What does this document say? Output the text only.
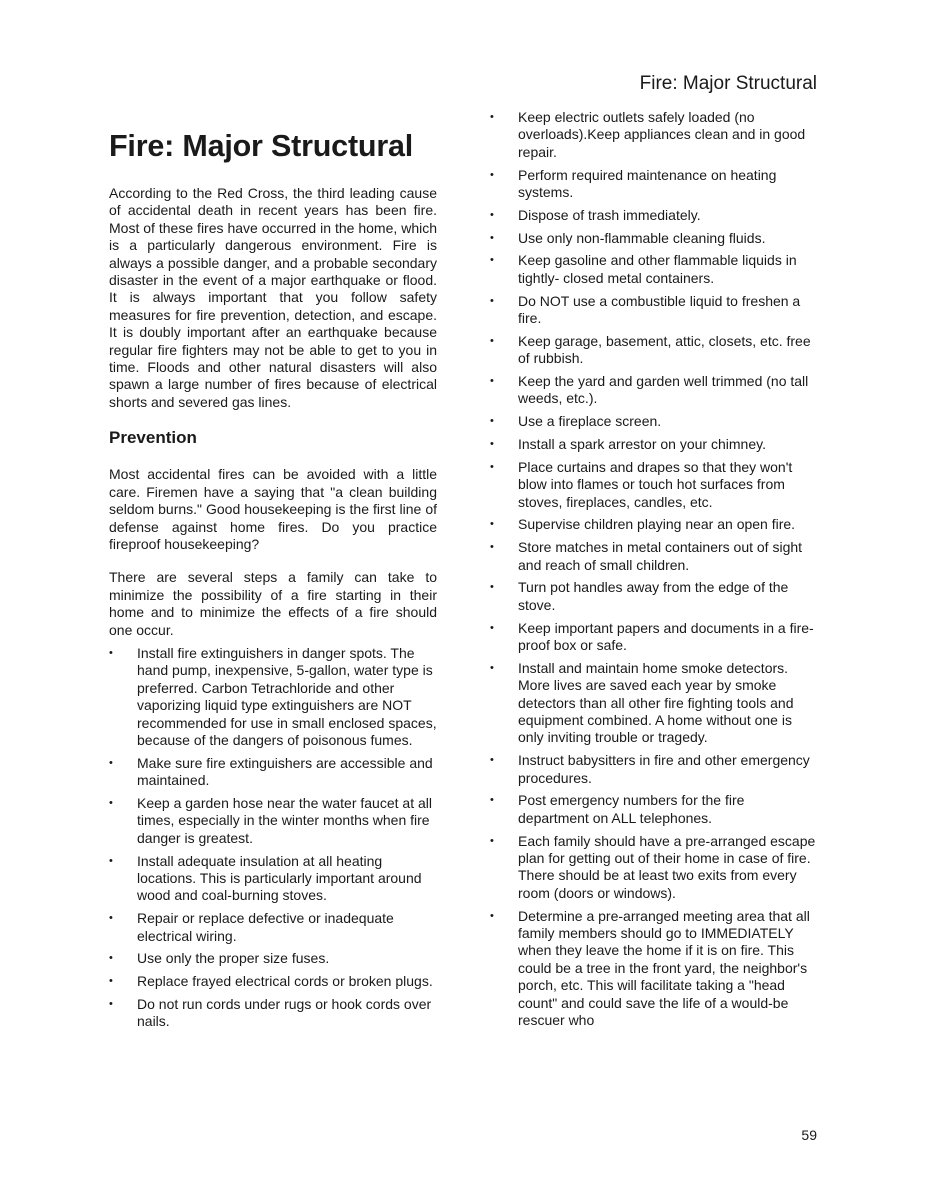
Fire: Major Structural
Fire: Major Structural

According to the Red Cross, the third leading cause of accidental death in recent years has been fire. Most of these fires have occurred in the home, which is a particularly dangerous environment. Fire is always a possible danger, and a probable secondary disaster in the event of a major earthquake or flood. It is always important that you follow safety measures for fire prevention, detection, and escape. It is doubly important after an earthquake because regular fire fighters may not be able to get to you in time. Floods and other natural disasters will also spawn a large number of fires because of electrical shorts and severed gas lines.

Prevention

Most accidental fires can be avoided with a little care. Firemen have a saying that "a clean building seldom burns." Good housekeeping is the first line of defense against home fires. Do you practice fireproof housekeeping?

There are several steps a family can take to minimize the possibility of a fire starting in their home and to minimize the effects of a fire should one occur.

• Install fire extinguishers in danger spots. The hand pump, inexpensive, 5-gallon, water type is preferred. Carbon Tetrachloride and other vaporizing liquid type extinguishers are NOT recommended for use in small enclosed spaces, because of the dangers of poisonous fumes.
• Make sure fire extinguishers are accessible and maintained.
• Keep a garden hose near the water faucet at all times, especially in the winter months when fire danger is greatest.
• Install adequate insulation at all heating locations. This is particularly important around wood and coal-burning stoves.
• Repair or replace defective or inadequate electrical wiring.
• Use only the proper size fuses.
• Replace frayed electrical cords or broken plugs.
• Do not run cords under rugs or hook cords over nails.
• Keep electric outlets safely loaded (no overloads).Keep appliances clean and in good repair.
• Perform required maintenance on heating systems.
• Dispose of trash immediately.
• Use only non-flammable cleaning fluids.
• Keep gasoline and other flammable liquids in tightly- closed metal containers.
• Do NOT use a combustible liquid to freshen a fire.
• Keep garage, basement, attic, closets, etc. free of rubbish.
• Keep the yard and garden well trimmed (no tall weeds, etc.).
• Use a fireplace screen.
• Install a spark arrestor on your chimney.
• Place curtains and drapes so that they won't blow into flames or touch hot surfaces from stoves, fireplaces, candles, etc.
• Supervise children playing near an open fire.
• Store matches in metal containers out of sight and reach of small children.
• Turn pot handles away from the edge of the stove.
• Keep important papers and documents in a fire-proof box or safe.
• Install and maintain home smoke detectors. More lives are saved each year by smoke detectors than all other fire fighting tools and equipment combined. A home without one is only inviting trouble or tragedy.
• Instruct babysitters in fire and other emergency procedures.
• Post emergency numbers for the fire department on ALL telephones.
• Each family should have a pre-arranged escape plan for getting out of their home in case of fire. There should be at least two exits from every room (doors or windows).
• Determine a pre-arranged meeting area that all family members should go to IMMEDIATELY when they leave the home if it is on fire. This could be a tree in the front yard, the neighbor's porch, etc. This will facilitate taking a "head count" and could save the life of a would-be rescuer who
59
